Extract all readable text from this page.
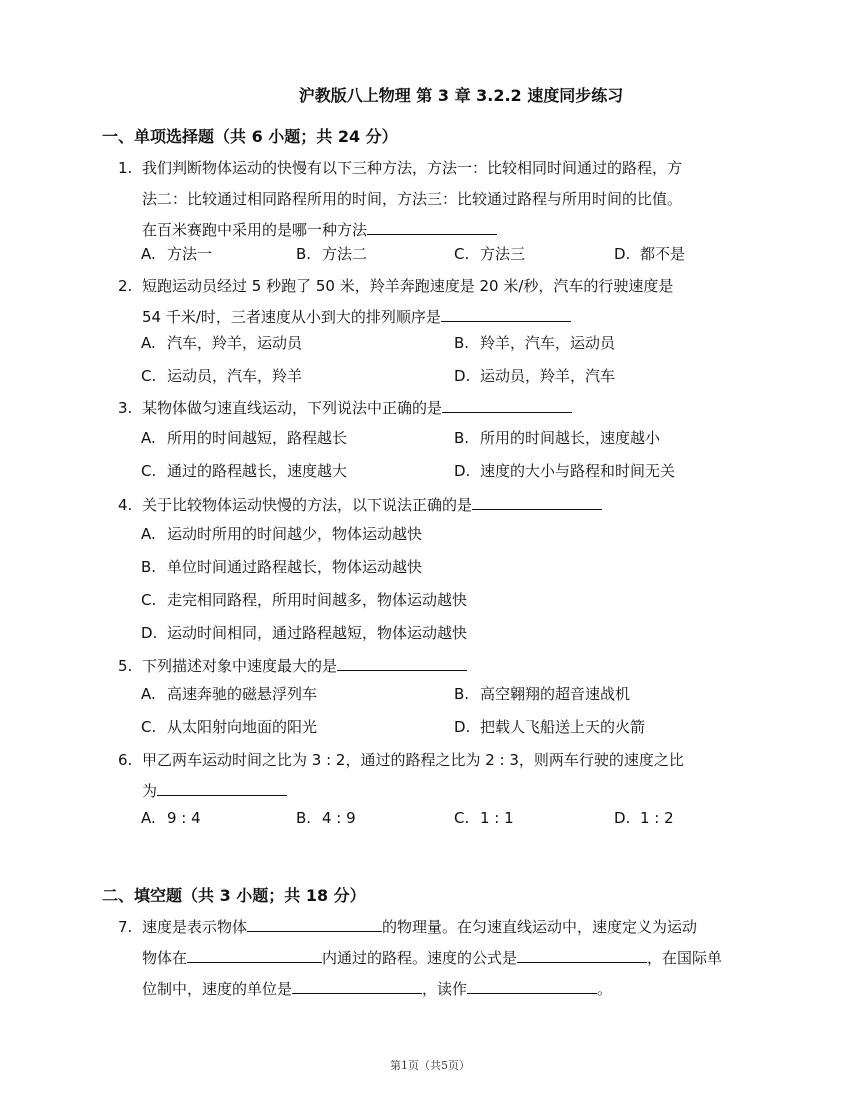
沪教版八上物理 第 3 章 3.2.2 速度同步练习
一、单项选择题（共 6 小题；共 24 分）
1. 我们判断物体运动的快慢有以下三种方法，方法一：比较相同时间通过的路程，方
法二：比较通过相同路程所用的时间，方法三：比较通过路程与所用时间的比值。
在百米赛跑中采用的是哪一种方法
A. 方法一	B. 方法二	C. 方法三	D. 都不是
2. 短跑运动员经过 5 秒跑了 50 米，羚羊奔跑速度是 20 米/秒，汽车的行驶速度是
54 千米/时，三者速度从小到大的排列顺序是
A. 汽车，羚羊，运动员	B. 羚羊，汽车，运动员
C. 运动员，汽车，羚羊	D. 运动员，羚羊，汽车
3. 某物体做匀速直线运动，下列说法中正确的是
A. 所用的时间越短，路程越长	B. 所用的时间越长，速度越小
C. 通过的路程越长，速度越大	D. 速度的大小与路程和时间无关
4. 关于比较物体运动快慢的方法，以下说法正确的是
A. 运动时所用的时间越少，物体运动越快
B. 单位时间通过路程越长，物体运动越快
C. 走完相同路程，所用时间越多，物体运动越快
D. 运动时间相同，通过路程越短，物体运动越快
5. 下列描述对象中速度最大的是
A. 高速奔驰的磁悬浮列车	B. 高空翱翔的超音速战机
C. 从太阳射向地面的阳光	D. 把载人飞船送上天的火箭
6. 甲乙两车运动时间之比为 3 : 2，通过的路程之比为 2 : 3，则两车行驶的速度之比
为
A. 9 : 4	B. 4 : 9	C. 1 : 1	D. 1 : 2
二、填空题（共 3 小题；共 18 分）
7. 速度是表示物体	的物理量。在匀速直线运动中，速度定义为运动
物体在	内通过的路程。速度的公式是	，在国际单
位制中，速度的单位是	，读作	。
第1页（共5页）
